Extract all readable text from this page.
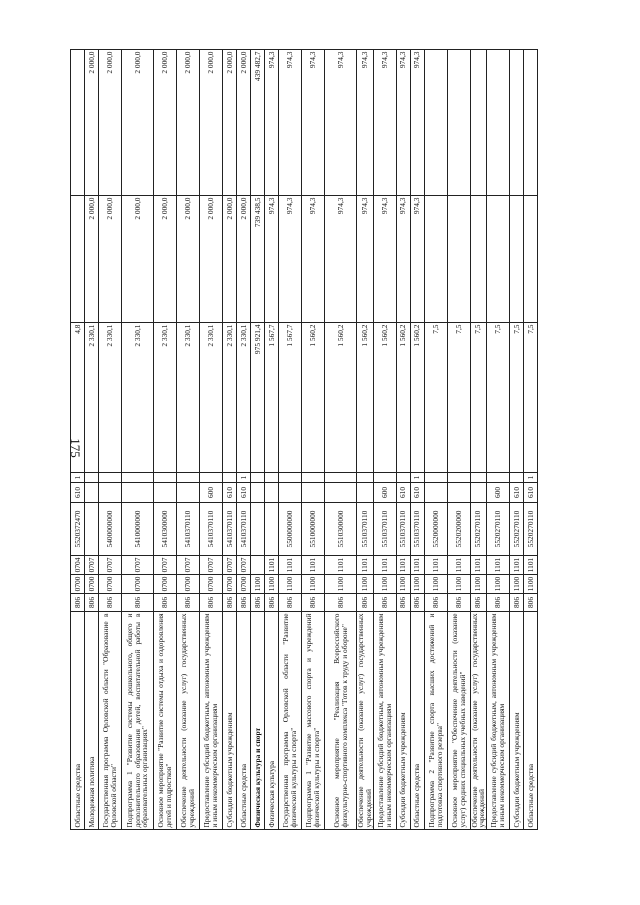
175
Областные средства	806	0700	0704	5520372470	610	1	4,8		
Молодежная политика	806	0700	0707				2 330,1	2 000,0	2 000,0
Государственная программа Орловской области "Образование в Орловской области"	806	0700	0707	5400000000			2 330,1	2 000,0	2 000,0
Подпрограмма 1 "Развитие системы дошкольного, общего и дополнительного образования детей, воспитательной работы в образовательных организациях"	806	0700	0707	5410000000			2 330,1	2 000,0	2 000,0
Основное мероприятие "Развитие системы отдыха и оздоровления детей и подростков"	806	0700	0707	5410300000			2 330,1	2 000,0	2 000,0
Обеспечение деятельности (оказание услуг) государственных учреждений	806	0700	0707	5410370110			2 330,1	2 000,0	2 000,0
Предоставление субсидий бюджетным, автономным учреждениям и иным некоммерческим организациям	806	0700	0707	5410370110	600		2 330,1	2 000,0	2 000,0
Субсидии бюджетным учреждениям	806	0700	0707	5410370110	610		2 330,1	2 000,0	2 000,0
Областные средства	806	0700	0707	5410370110	610	1	2 330,1	2 000,0	2 000,0
Физическая культура и спорт	806	1100					975 921,4	739 438,5	439 482,7
Физическая культура	806	1100	1101				1 567,7	974,3	974,3
Государственная программа Орловской области "Развитие физической культуры и спорта"	806	1100	1101	5500000000			1 567,7	974,3	974,3
Подпрограмма 1 "Развитие массового спорта и учреждений физической культуры и спорта"	806	1100	1101	5510000000			1 560,2	974,3	974,3
Основное мероприятие "Реализация Всероссийского физкультурно-спортивного комплекса "Готов к труду и обороне"	806	1100	1101	5510300000			1 560,2	974,3	974,3
Обеспечение деятельности (оказание услуг) государственных учреждений	806	1100	1101	5510370110			1 560,2	974,3	974,3
Предоставление субсидий бюджетным, автономным учреждениям и иным некоммерческим организациям	806	1100	1101	5510370110	600		1 560,2	974,3	974,3
Субсидии бюджетным учреждениям	806	1100	1101	5510370110	610		1 560,2	974,3	974,3
Областные средства	806	1100	1101	5510370110	610	1	1 560,2	974,3	974,3
Подпрограмма 2 "Развитие спорта высших достижений и подготовка спортивного резерва"	806	1100	1101	5520000000			7,5		
Основное мероприятие "Обеспечение деятельности (оказание услуг) средних специальных учебных заведений"	806	1100	1101	5520200000			7,5		
Обеспечение деятельности (оказание услуг) государственных учреждений	806	1100	1101	5520270110			7,5		
Предоставление субсидий бюджетным, автономным учреждениям и иным некоммерческим организациям	806	1100	1101	5520270110	600		7,5		
Субсидии бюджетным учреждениям	806	1100	1101	5520270110	610		7,5		
Областные средства	806	1100	1101	5520270110	610	1	7,5		
